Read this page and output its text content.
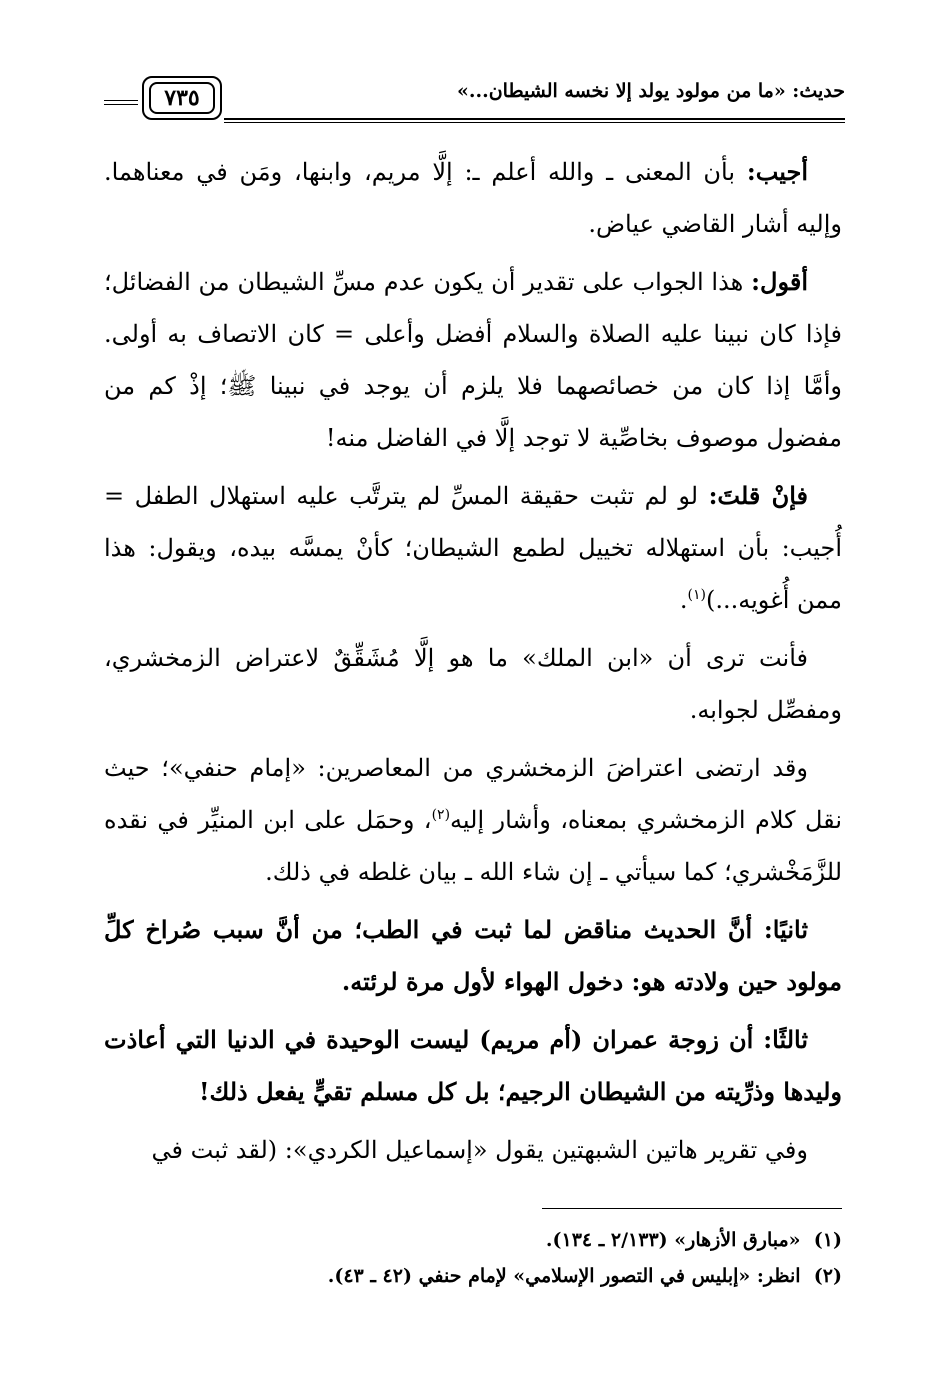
حديث: «ما من مولود يولد إلا نخسه الشيطان...»
٧٣٥

أجيب: بأن المعنى ـ والله أعلم ـ: إلَّا مريم، وابنها، ومَن في معناهما. وإليه أشار القاضي عياض.

أقول: هذا الجواب على تقدير أن يكون عدم مسِّ الشيطان من الفضائل؛ فإذا كان نبينا عليه الصلاة والسلام أفضل وأعلى = كان الاتصاف به أولى. وأمَّا إذا كان من خصائصهما فلا يلزم أن يوجد في نبينا ﷺ؛ إذْ كم من مفضول موصوف بخاصِّية لا توجد إلَّا في الفاضل منه!

فإنْ قلتَ: لو لم تثبت حقيقة المسِّ لم يترتَّب عليه استهلال الطفل = أُجيب: بأن استهلاله تخييل لطمع الشيطان؛ كأنْ يمسَّه بيده، ويقول: هذا ممن أُغويه...)$^{(١)}$.

فأنت ترى أن «ابن الملك» ما هو إلَّا مُشَقِّقٌ لاعتراض الزمخشري، ومفصِّل لجوابه.

وقد ارتضى اعتراضَ الزمخشري من المعاصرين: «إمام حنفي»؛ حيث نقل كلام الزمخشري بمعناه، وأشار إليه$^{(٢)}$، وحمَل على ابن المنيِّر في نقده للزَّمَخْشري؛ كما سيأتي ـ إن شاء الله ـ بيان غلطه في ذلك.

ثانيًا: أنَّ الحديث مناقض لما ثبت في الطب؛ من أنَّ سبب صُراخ كلِّ مولود حين ولادته هو: دخول الهواء لأول مرة لرئته.

ثالثًا: أن زوجة عمران (أم مريم) ليست الوحيدة في الدنيا التي أعاذت وليدها وذرِّيته من الشيطان الرجيم؛ بل كل مسلم تقيٍّ يفعل ذلك!

وفي تقرير هاتين الشبهتين يقول «إسماعيل الكردي»: (لقد ثبت في

(١)  «مبارق الأزهار» (٢/١٣٣ ـ ١٣٤).

(٢)  انظر: «إبليس في التصور الإسلامي» لإمام حنفي (٤٢ ـ ٤٣).
